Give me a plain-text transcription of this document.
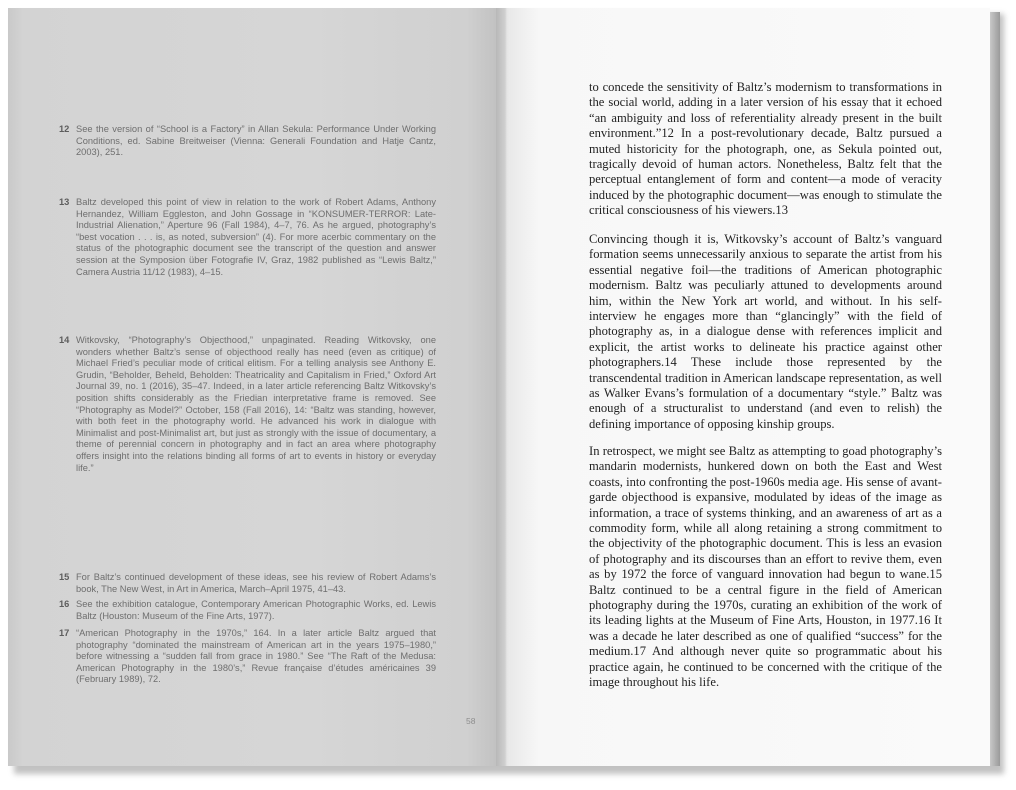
12 See the version of “School is a Factory” in Allan Sekula: Performance Under Working Conditions, ed. Sabine Breitweiser (Vienna: Generali Foundation and Hatje Cantz, 2003), 251.
13 Baltz developed this point of view in relation to the work of Robert Adams, Anthony Hernandez, William Eggleston, and John Gossage in “KONSUMER-TERROR: Late-Industrial Alienation,” Aperture 96 (Fall 1984), 4–7, 76. As he argued, photography’s “best vocation . . . is, as noted, subversion” (4). For more acerbic commentary on the status of the photographic document see the transcript of the question and answer session at the Symposion über Fotografie IV, Graz, 1982 published as “Lewis Baltz,” Camera Austria 11/12 (1983), 4–15.
14 Witkovsky, “Photography’s Objecthood,” unpaginated. Reading Witkovsky, one wonders whether Baltz’s sense of objecthood really has need (even as critique) of Michael Fried’s peculiar mode of critical elitism. For a telling analysis see Anthony E. Grudin, “Beholder, Beheld, Beholden: Theatricality and Capitalism in Fried,” Oxford Art Journal 39, no. 1 (2016), 35–47. Indeed, in a later article referencing Baltz Witkovsky’s position shifts considerably as the Friedian interpretative frame is removed. See “Photography as Model?” October, 158 (Fall 2016), 14: “Baltz was standing, however, with both feet in the photography world. He advanced his work in dialogue with Minimalist and post-Minimalist art, but just as strongly with the issue of documentary, a theme of perennial concern in photography and in fact an area where photography offers insight into the relations binding all forms of art to events in history or everyday life.”
15 For Baltz’s continued development of these ideas, see his review of Robert Adams’s book, The New West, in Art in America, March–April 1975, 41–43.
16 See the exhibition catalogue, Contemporary American Photographic Works, ed. Lewis Baltz (Houston: Museum of the Fine Arts, 1977).
17 “American Photography in the 1970s,” 164. In a later article Baltz argued that photography “dominated the mainstream of American art in the years 1975–1980,” before witnessing a “sudden fall from grace in 1980.” See “The Raft of the Medusa: American Photography in the 1980’s,” Revue française d’études américaines 39 (February 1989), 72.
58
to concede the sensitivity of Baltz’s modernism to transformations in the social world, adding in a later version of his essay that it echoed “an ambiguity and loss of referentiality already present in the built environment.”12 In a post-revolutionary decade, Baltz pursued a muted historicity for the photograph, one, as Sekula pointed out, tragically devoid of human actors. Nonetheless, Baltz felt that the perceptual entanglement of form and content—a mode of veracity induced by the photographic document—was enough to stimulate the critical consciousness of his viewers.13
Convincing though it is, Witkovsky’s account of Baltz’s vanguard formation seems unnecessarily anxious to separate the artist from his essential negative foil—the traditions of American photographic modernism. Baltz was peculiarly attuned to developments around him, within the New York art world, and without. In his self-interview he engages more than “glancingly” with the field of photography as, in a dialogue dense with references implicit and explicit, the artist works to delineate his practice against other photographers.14 These include those represented by the transcendental tradition in American landscape representation, as well as Walker Evans’s formulation of a documentary “style.” Baltz was enough of a structuralist to understand (and even to relish) the defining importance of opposing kinship groups.
In retrospect, we might see Baltz as attempting to goad photography’s mandarin modernists, hunkered down on both the East and West coasts, into confronting the post-1960s media age. His sense of avant-garde objecthood is expansive, modulated by ideas of the image as information, a trace of systems thinking, and an awareness of art as a commodity form, while all along retaining a strong commitment to the objectivity of the photographic document. This is less an evasion of photography and its discourses than an effort to revive them, even as by 1972 the force of vanguard innovation had begun to wane.15 Baltz continued to be a central figure in the field of American photography during the 1970s, curating an exhibition of the work of its leading lights at the Museum of Fine Arts, Houston, in 1977.16 It was a decade he later described as one of qualified “success” for the medium.17 And although never quite so programmatic about his practice again, he continued to be concerned with the critique of the image throughout his life.
